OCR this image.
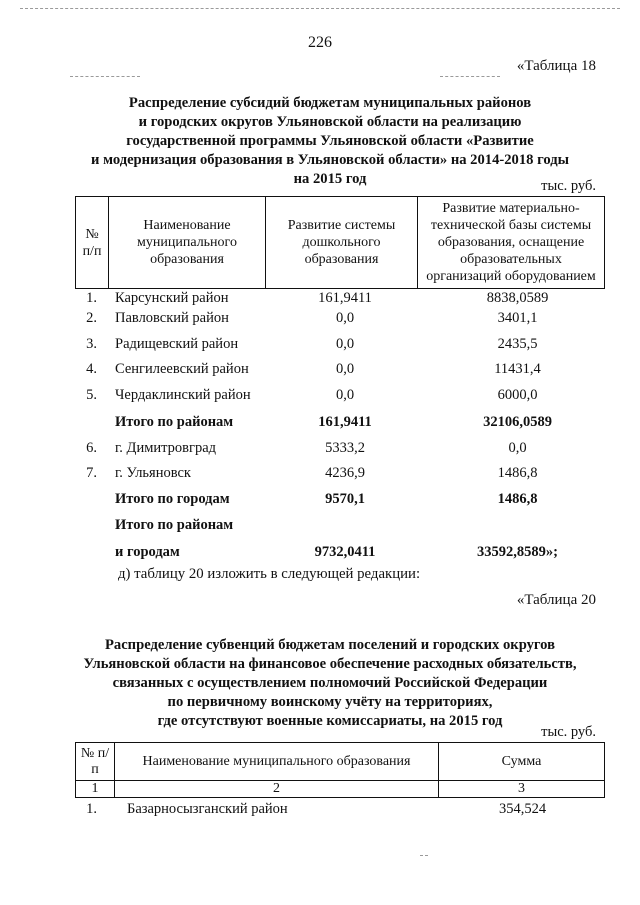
226
«Таблица 18
Распределение субсидий бюджетам муниципальных районов
и городских округов Ульяновской области на реализацию
государственной программы Ульяновской области «Развитие
и модернизация образования в Ульяновской области» на 2014-2018 годы
на 2015 год	тыс. руб.
№ п/п	Наименование муниципального образования	Развитие системы дошкольного образования	Развитие материально-технической базы системы образования, оснащение образовательных организаций оборудованием
1.	Карсунский район	161,9411	8838,0589
2.	Павловский район	0,0	3401,1
3.	Радищевский район	0,0	2435,5
4.	Сенгилеевский район	0,0	11431,4
5.	Чердаклинский район	0,0	6000,0
Итого по районам	161,9411	32106,0589
6.	г. Димитровград	5333,2	0,0
7.	г. Ульяновск	4236,9	1486,8
Итого по городам	9570,1	1486,8
Итого по районам
и городам	9732,0411	33592,8589»;
д) таблицу 20 изложить в следующей редакции:
«Таблица 20
Распределение субвенций бюджетам поселений и городских округов
Ульяновской области на финансовое обеспечение расходных обязательств,
связанных с осуществлением полномочий Российской Федерации
по первичному воинскому учёту на территориях,
где отсутствуют военные комиссариаты, на 2015 год
тыс. руб.
№ п/п	Наименование муниципального образования	Сумма
1	2	3
1.	Базарносызганский район	354,524
